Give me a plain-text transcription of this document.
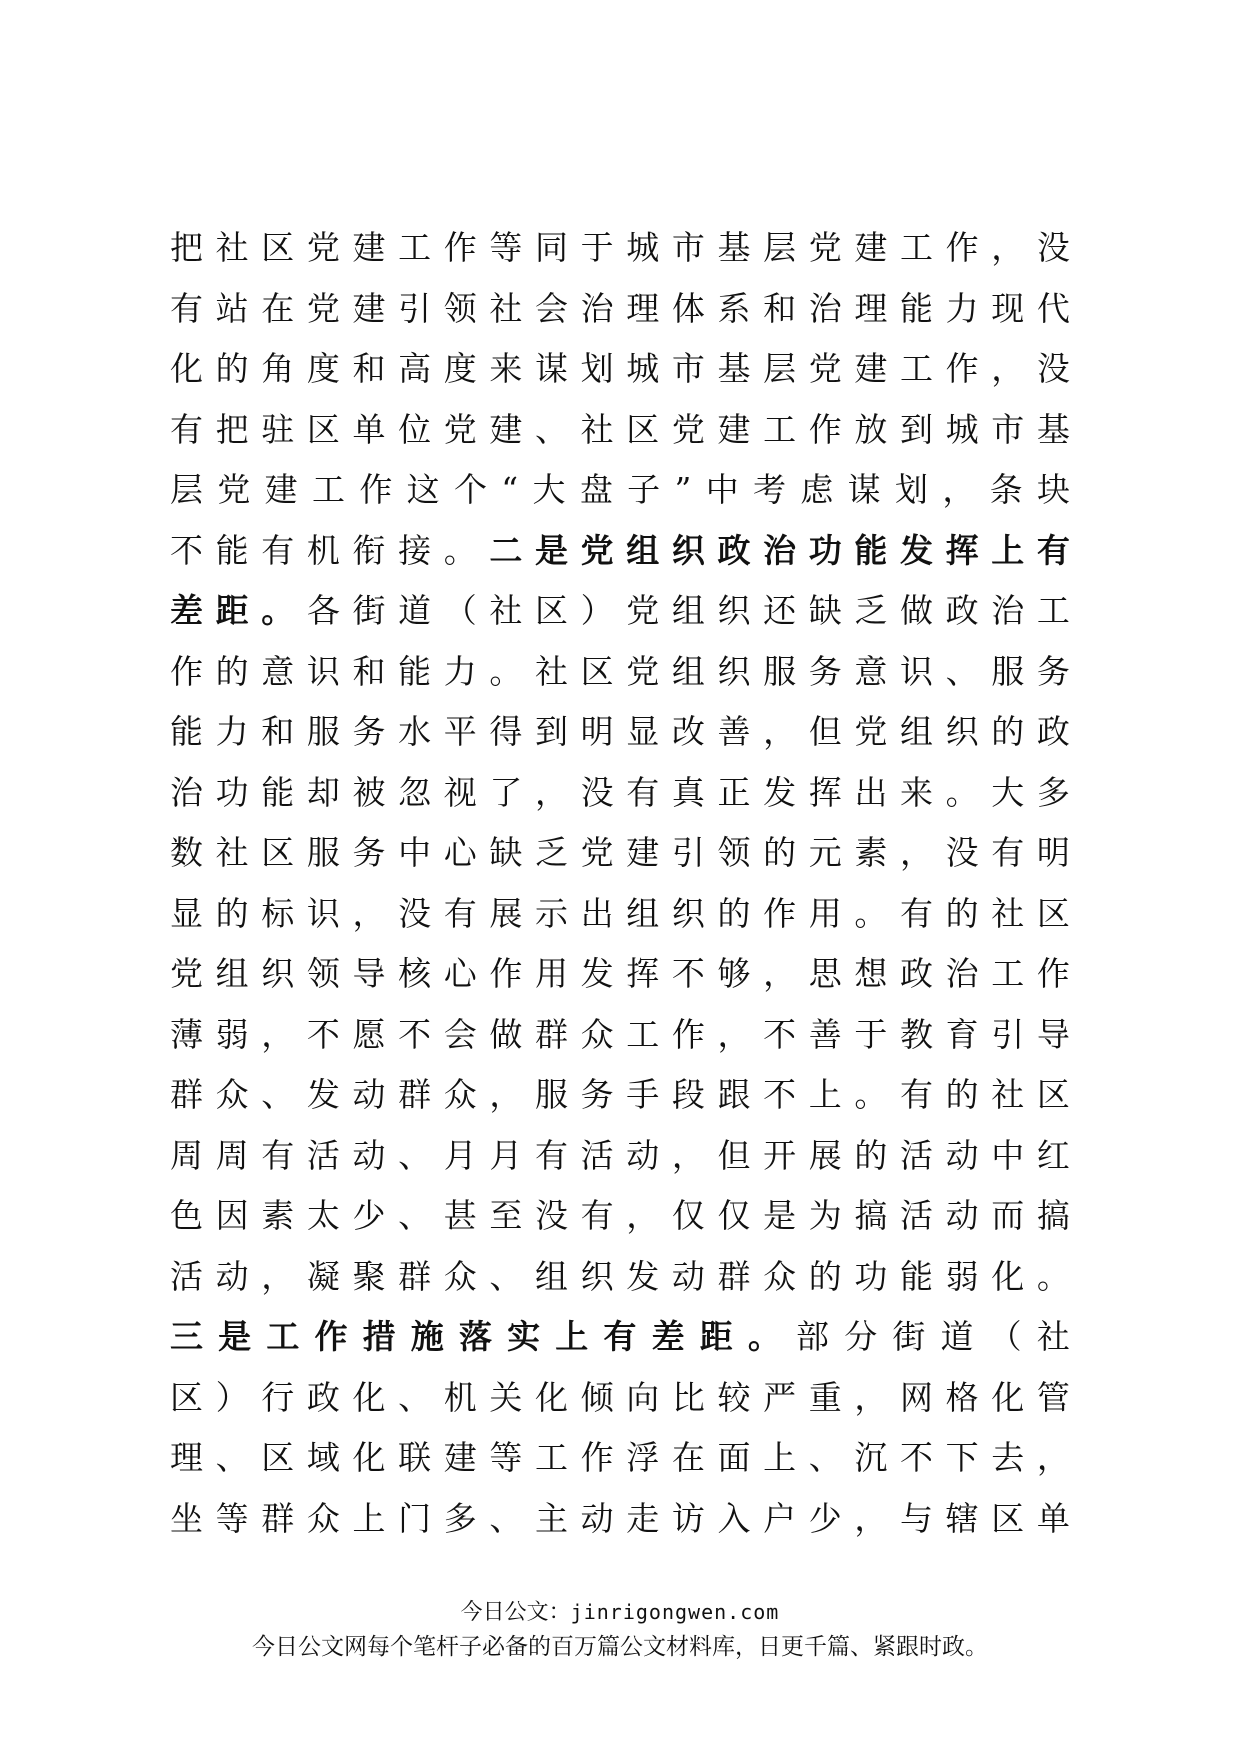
把 社 区 党 建 工 作 等 同 于 城 市 基 层 党 建 工 作 ， 没
有 站 在 党 建 引 领 社 会 治 理 体 系 和 治 理 能 力 现 代
化 的 角 度 和 高 度 来 谋 划 城 市 基 层 党 建 工 作 ， 没
有 把 驻 区 单 位 党 建 、 社 区 党 建 工 作 放 到 城 市 基
层 党 建 工 作 这 个 “ 大 盘 子 ” 中 考 虑 谋 划 ， 条 块
不 能 有 机 衔 接 。 二 是 党 组 织 政 治 功 能 发 挥 上 有
差 距 。 各 街 道 （ 社 区 ） 党 组 织 还 缺 乏 做 政 治 工
作 的 意 识 和 能 力 。 社 区 党 组 织 服 务 意 识 、 服 务
能 力 和 服 务 水 平 得 到 明 显 改 善 ， 但 党 组 织 的 政
治 功 能 却 被 忽 视 了 ， 没 有 真 正 发 挥 出 来 。 大 多
数 社 区 服 务 中 心 缺 乏 党 建 引 领 的 元 素 ， 没 有 明
显 的 标 识 ， 没 有 展 示 出 组 织 的 作 用 。 有 的 社 区
党 组 织 领 导 核 心 作 用 发 挥 不 够 ， 思 想 政 治 工 作
薄 弱 ， 不 愿 不 会 做 群 众 工 作 ， 不 善 于 教 育 引 导
群 众 、 发 动 群 众 ， 服 务 手 段 跟 不 上 。 有 的 社 区
周 周 有 活 动 、 月 月 有 活 动 ， 但 开 展 的 活 动 中 红
色 因 素 太 少 、 甚 至 没 有 ， 仅 仅 是 为 搞 活 动 而 搞
活 动 ， 凝 聚 群 众 、 组 织 发 动 群 众 的 功 能 弱 化 。
三 是 工 作 措 施 落 实 上 有 差 距 。 部 分 街 道 （ 社
区 ） 行 政 化 、 机 关 化 倾 向 比 较 严 重 ， 网 格 化 管
理 、 区 域 化 联 建 等 工 作 浮 在 面 上 、 沉 不 下 去 ，
坐 等 群 众 上 门 多 、 主 动 走 访 入 户 少 ， 与 辖 区 单
今日公文：jinrigongwen.com
今日公文网每个笔杆子必备的百万篇公文材料库，日更千篇、紧跟时政。
